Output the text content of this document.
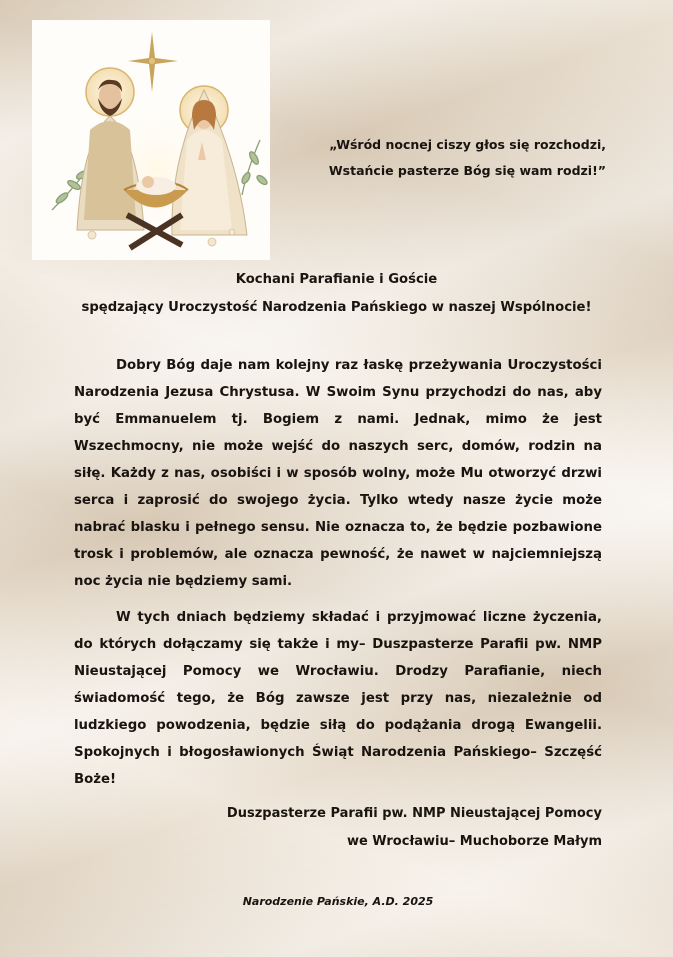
„Wśród nocnej ciszy głos się rozchodzi,
Wstańcie pasterze Bóg się wam rodzi!”
Kochani Parafianie i Goście
spędzający Uroczystość Narodzenia Pańskiego w naszej Wspólnocie!

Dobry Bóg daje nam kolejny raz łaskę przeżywania Uroczystości Narodzenia Jezusa Chrystusa. W Swoim Synu przychodzi do nas, aby być Emmanuelem tj. Bogiem z nami. Jednak, mimo że jest Wszechmocny, nie może wejść do naszych serc, domów, rodzin na siłę. Każdy z nas, osobiści i w sposób wolny, może Mu otworzyć drzwi serca i zaprosić do swojego życia. Tylko wtedy nasze życie może nabrać blasku i pełnego sensu. Nie oznacza to, że będzie pozbawione trosk i problemów, ale oznacza pewność, że nawet w najciemniejszą noc życia nie będziemy sami.

W tych dniach będziemy składać i przyjmować liczne życzenia, do których dołączamy się także i my– Duszpasterze Parafii pw. NMP Nieustającej Pomocy we Wrocławiu. Drodzy Parafianie, niech świadomość tego, że Bóg zawsze jest przy nas, niezależnie od ludzkiego powodzenia, będzie siłą do podążania drogą Ewangelii. Spokojnych i błogosławionych Świąt Narodzenia Pańskiego– Szczęść Boże!

Duszpasterze Parafii pw. NMP Nieustającej Pomocy
we Wrocławiu– Muchoborze Małym
Narodzenie Pańskie, A.D. 2025
